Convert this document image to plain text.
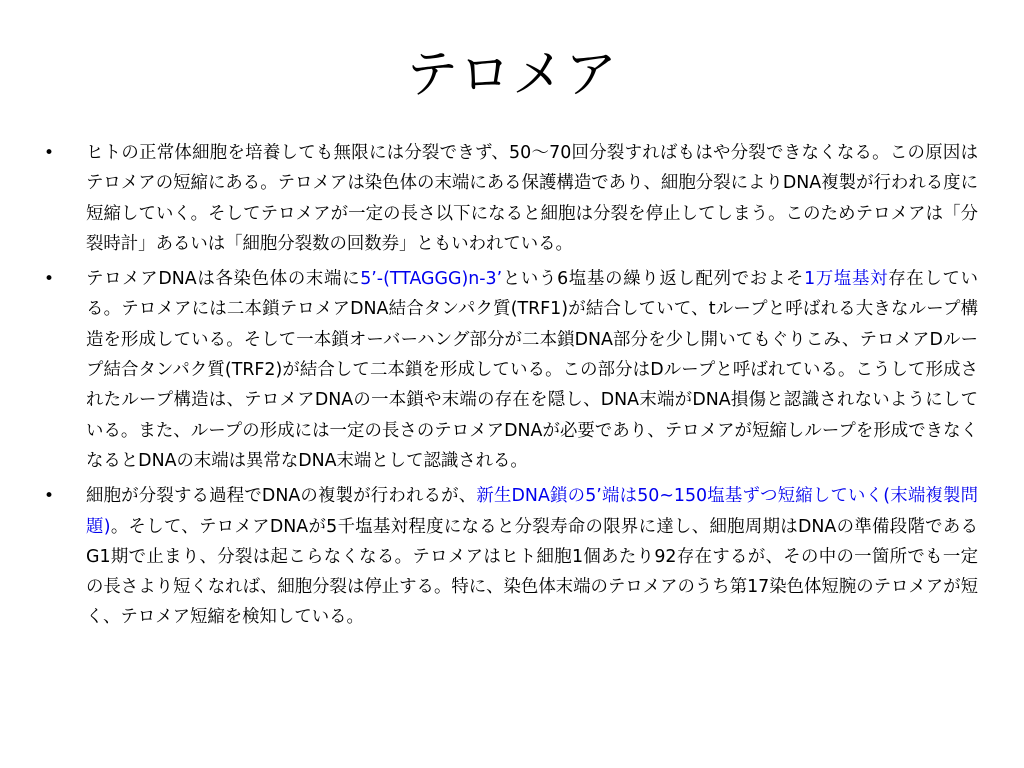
テロメア
• ヒトの正常体細胞を培養しても無限には分裂できず、50〜70回分裂すればもはや分裂できなくなる。この原因はテロメアの短縮にある。テロメアは染色体の末端にある保護構造であり、細胞分裂によりDNA複製が行われる度に短縮していく。そしてテロメアが一定の長さ以下になると細胞は分裂を停止してしまう。このためテロメアは「分裂時計」あるいは「細胞分裂数の回数券」ともいわれている。
• テロメアDNAは各染色体の末端に5’-(TTAGGG)n-3’という6塩基の繰り返し配列でおよそ1万塩基対存在している。テロメアには二本鎖テロメアDNA結合タンパク質(TRF1)が結合していて、tループと呼ばれる大きなループ構造を形成している。そして一本鎖オーバーハング部分が二本鎖DNA部分を少し開いてもぐりこみ、テロメアDループ結合タンパク質(TRF2)が結合して二本鎖を形成している。この部分はDループと呼ばれている。こうして形成されたループ構造は、テロメアDNAの一本鎖や末端の存在を隠し、DNA末端がDNA損傷と認識されないようにしている。また、ループの形成には一定の長さのテロメアDNAが必要であり、テロメアが短縮しループを形成できなくなるとDNAの末端は異常なDNA末端として認識される。
• 細胞が分裂する過程でDNAの複製が行われるが、新生DNA鎖の5’端は50~150塩基ずつ短縮していく(末端複製問題)。そして、テロメアDNAが5千塩基対程度になると分裂寿命の限界に達し、細胞周期はDNAの準備段階であるG1期で止まり、分裂は起こらなくなる。テロメアはヒト細胞1個あたり92存在するが、その中の一箇所でも一定の長さより短くなれば、細胞分裂は停止する。特に、染色体末端のテロメアのうち第17染色体短腕のテロメアが短く、テロメア短縮を検知している。
